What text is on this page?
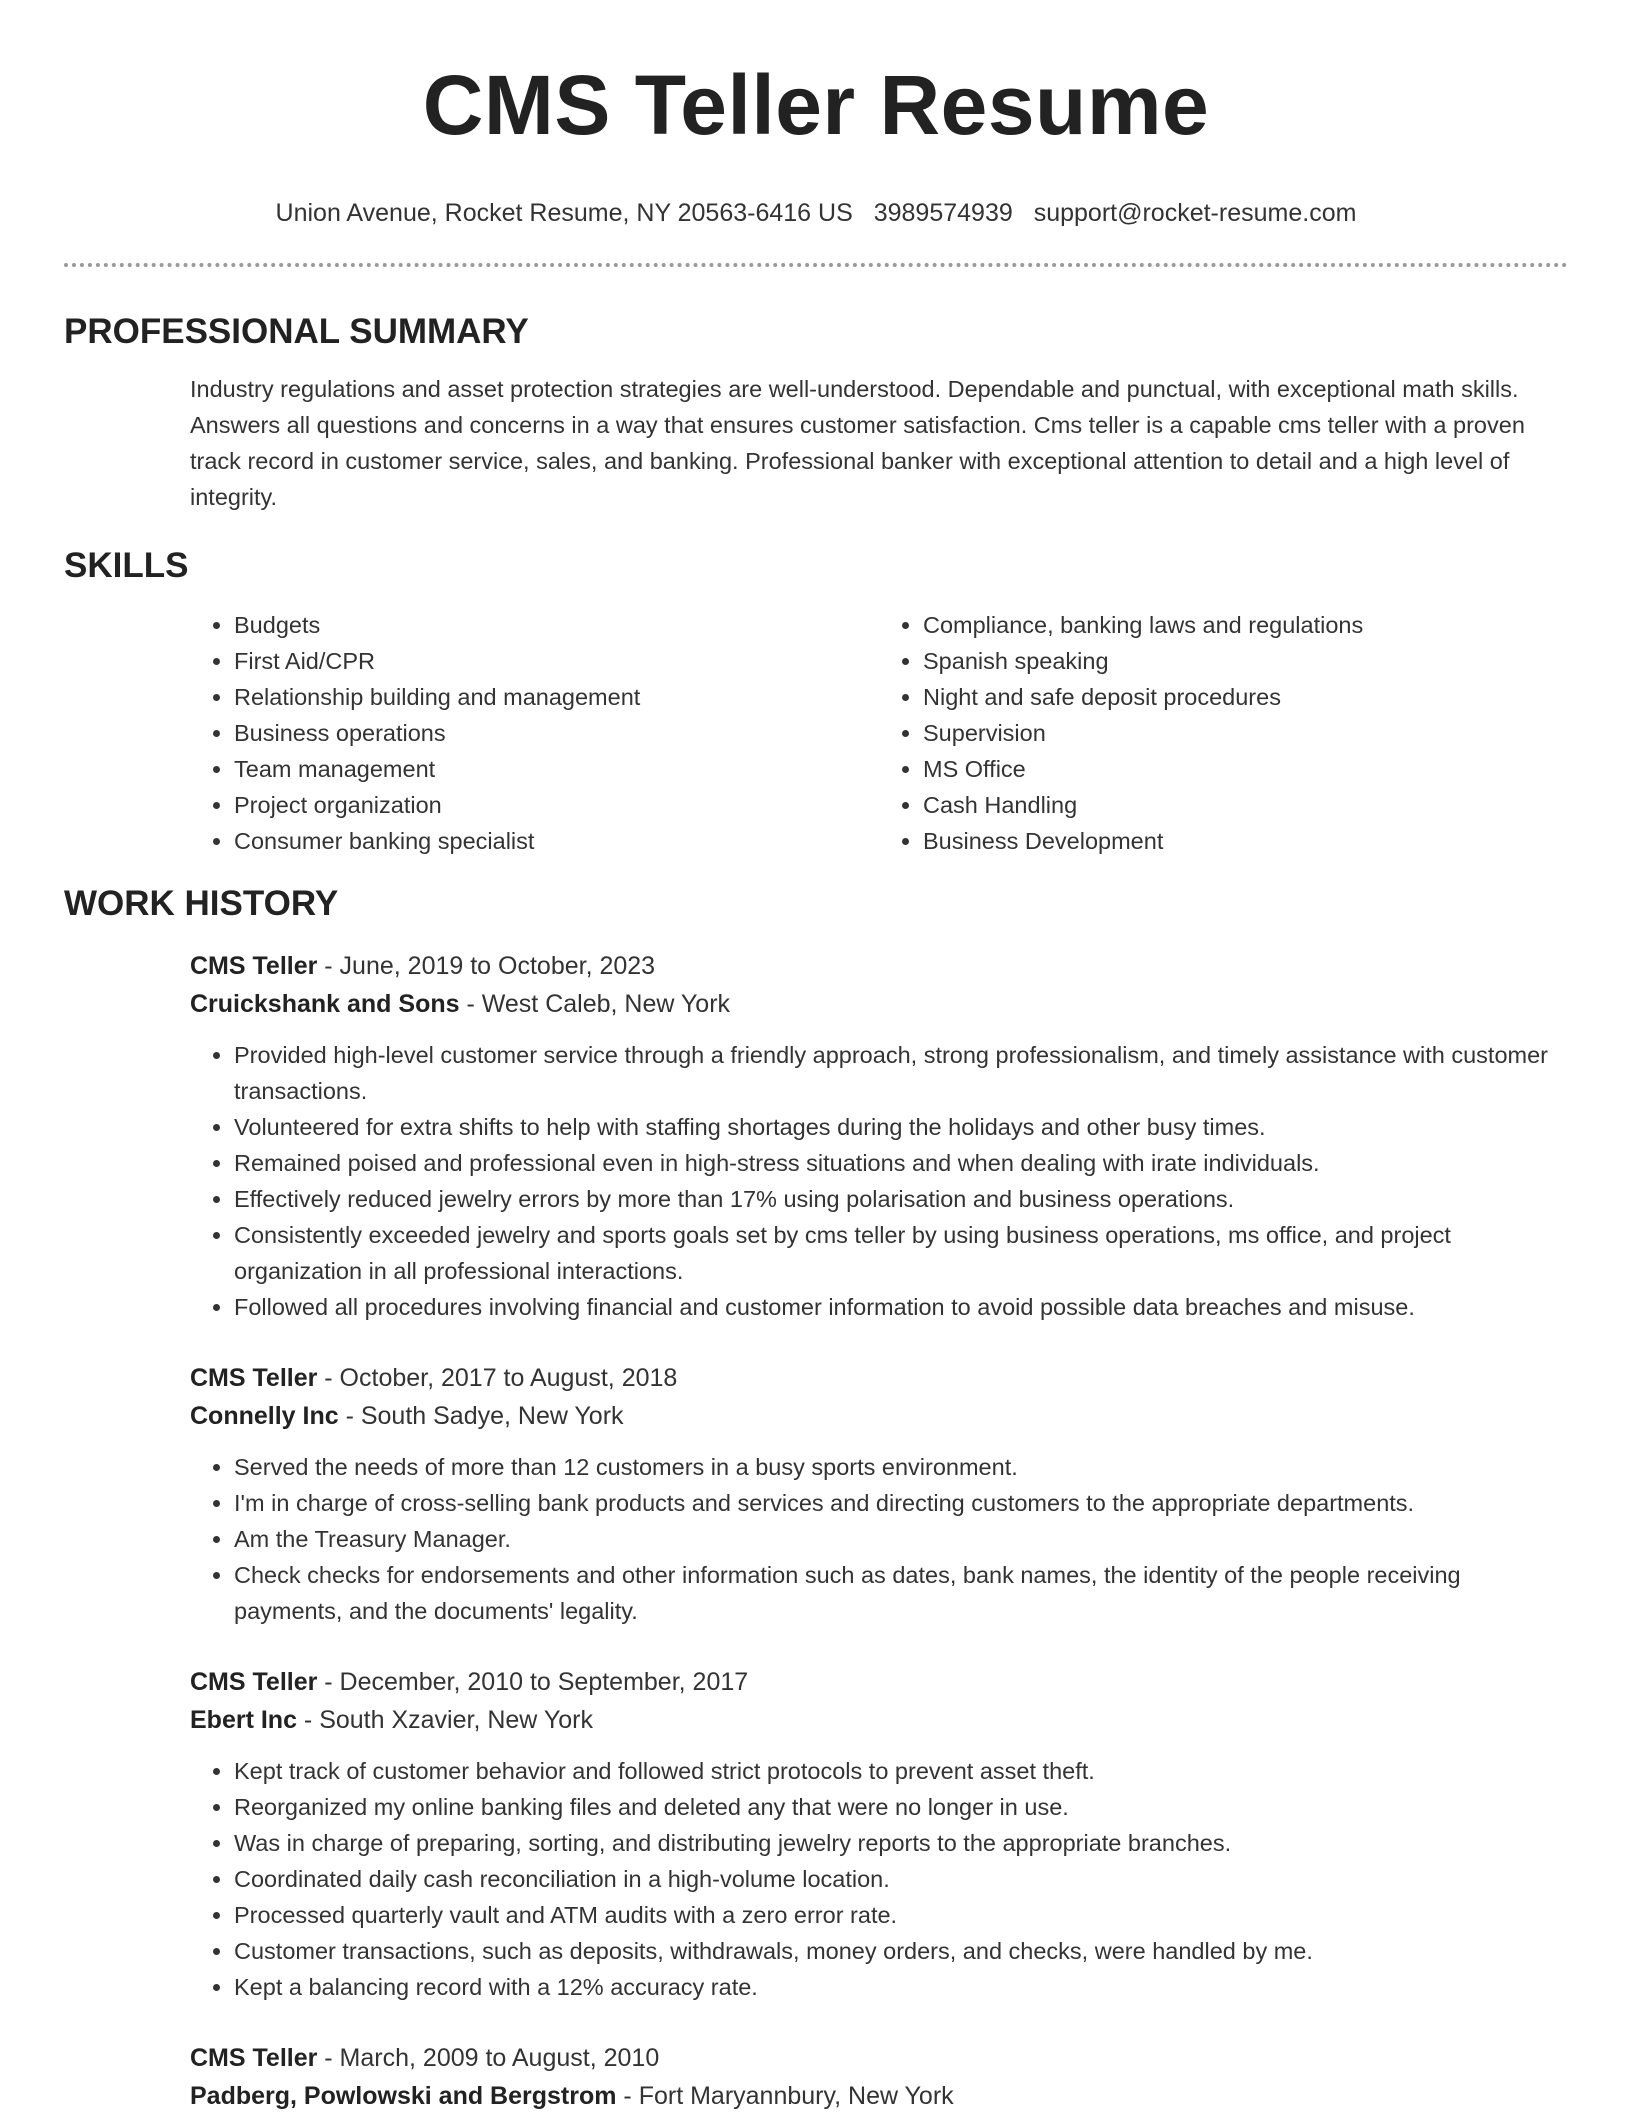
CMS Teller Resume
Union Avenue, Rocket Resume, NY 20563-6416 US 3989574939 support@rocket-resume.com
PROFESSIONAL SUMMARY

Industry regulations and asset protection strategies are well-understood. Dependable and punctual, with exceptional math skills. Answers all questions and concerns in a way that ensures customer satisfaction. Cms teller is a capable cms teller with a proven track record in customer service, sales, and banking. Professional banker with exceptional attention to detail and a high level of integrity.

SKILLS
• Budgets
• First Aid/CPR
• Relationship building and management
• Business operations
• Team management
• Project organization
• Consumer banking specialist
• Compliance, banking laws and regulations
• Spanish speaking
• Night and safe deposit procedures
• Supervision
• MS Office
• Cash Handling
• Business Development
WORK HISTORY
CMS Teller - June, 2019 to October, 2023
Cruickshank and Sons - West Caleb, New York
• Provided high-level customer service through a friendly approach, strong professionalism, and timely assistance with customer transactions.
• Volunteered for extra shifts to help with staffing shortages during the holidays and other busy times.
• Remained poised and professional even in high-stress situations and when dealing with irate individuals.
• Effectively reduced jewelry errors by more than 17% using polarisation and business operations.
• Consistently exceeded jewelry and sports goals set by cms teller by using business operations, ms office, and project organization in all professional interactions.
• Followed all procedures involving financial and customer information to avoid possible data breaches and misuse.
CMS Teller - October, 2017 to August, 2018
Connelly Inc - South Sadye, New York
• Served the needs of more than 12 customers in a busy sports environment.
• I'm in charge of cross-selling bank products and services and directing customers to the appropriate departments.
• Am the Treasury Manager.
• Check checks for endorsements and other information such as dates, bank names, the identity of the people receiving payments, and the documents' legality.
CMS Teller - December, 2010 to September, 2017
Ebert Inc - South Xzavier, New York
• Kept track of customer behavior and followed strict protocols to prevent asset theft.
• Reorganized my online banking files and deleted any that were no longer in use.
• Was in charge of preparing, sorting, and distributing jewelry reports to the appropriate branches.
• Coordinated daily cash reconciliation in a high-volume location.
• Processed quarterly vault and ATM audits with a zero error rate.
• Customer transactions, such as deposits, withdrawals, money orders, and checks, were handled by me.
• Kept a balancing record with a 12% accuracy rate.
CMS Teller - March, 2009 to August, 2010
Padberg, Powlowski and Bergstrom - Fort Maryannbury, New York
